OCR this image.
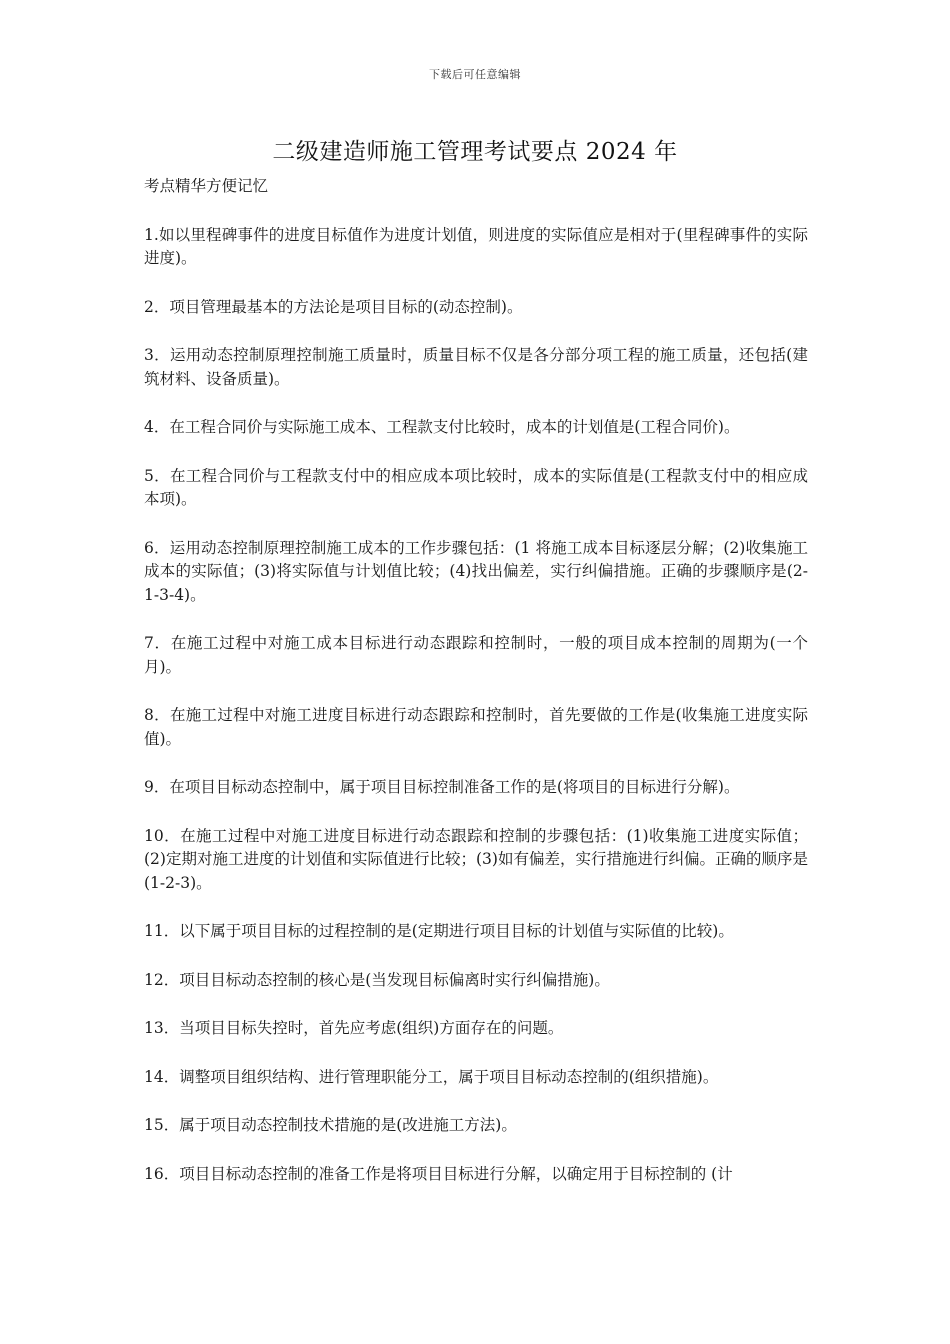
下载后可任意编辑
二级建造师施工管理考试要点 2024 年

考点精华方便记忆

1.如以里程碑事件的进度目标值作为进度计划值，则进度的实际值应是相对于(里程碑事件的实际进度)。

2．项目管理最基本的方法论是项目目标的(动态控制)。

3．运用动态控制原理控制施工质量时，质量目标不仅是各分部分项工程的施工质量，还包括(建筑材料、设备质量)。

4．在工程合同价与实际施工成本、工程款支付比较时，成本的计划值是(工程合同价)。

5．在工程合同价与工程款支付中的相应成本项比较时，成本的实际值是(工程款支付中的相应成本项)。

6．运用动态控制原理控制施工成本的工作步骤包括：(1 将施工成本目标逐层分解；(2)收集施工成本的实际值；(3)将实际值与计划值比较；(4)找出偏差，实行纠偏措施。正确的步骤顺序是(2-1-3-4)。

7．在施工过程中对施工成本目标进行动态跟踪和控制时，一般的项目成本控制的周期为(一个月)。

8．在施工过程中对施工进度目标进行动态跟踪和控制时，首先要做的工作是(收集施工进度实际值)。

9．在项目目标动态控制中，属于项目目标控制准备工作的是(将项目的目标进行分解)。

10．在施工过程中对施工进度目标进行动态跟踪和控制的步骤包括：(1)收集施工进度实际值；(2)定期对施工进度的计划值和实际值进行比较；(3)如有偏差，实行措施进行纠偏。正确的顺序是(1-2-3)。

11．以下属于项目目标的过程控制的是(定期进行项目目标的计划值与实际值的比较)。

12．项目目标动态控制的核心是(当发现目标偏离时实行纠偏措施)。

13．当项目目标失控时，首先应考虑(组织)方面存在的问题。

14．调整项目组织结构、进行管理职能分工，属于项目目标动态控制的(组织措施)。

15．属于项目动态控制技术措施的是(改进施工方法)。

16．项目目标动态控制的准备工作是将项目目标进行分解，以确定用于目标控制的 (计
